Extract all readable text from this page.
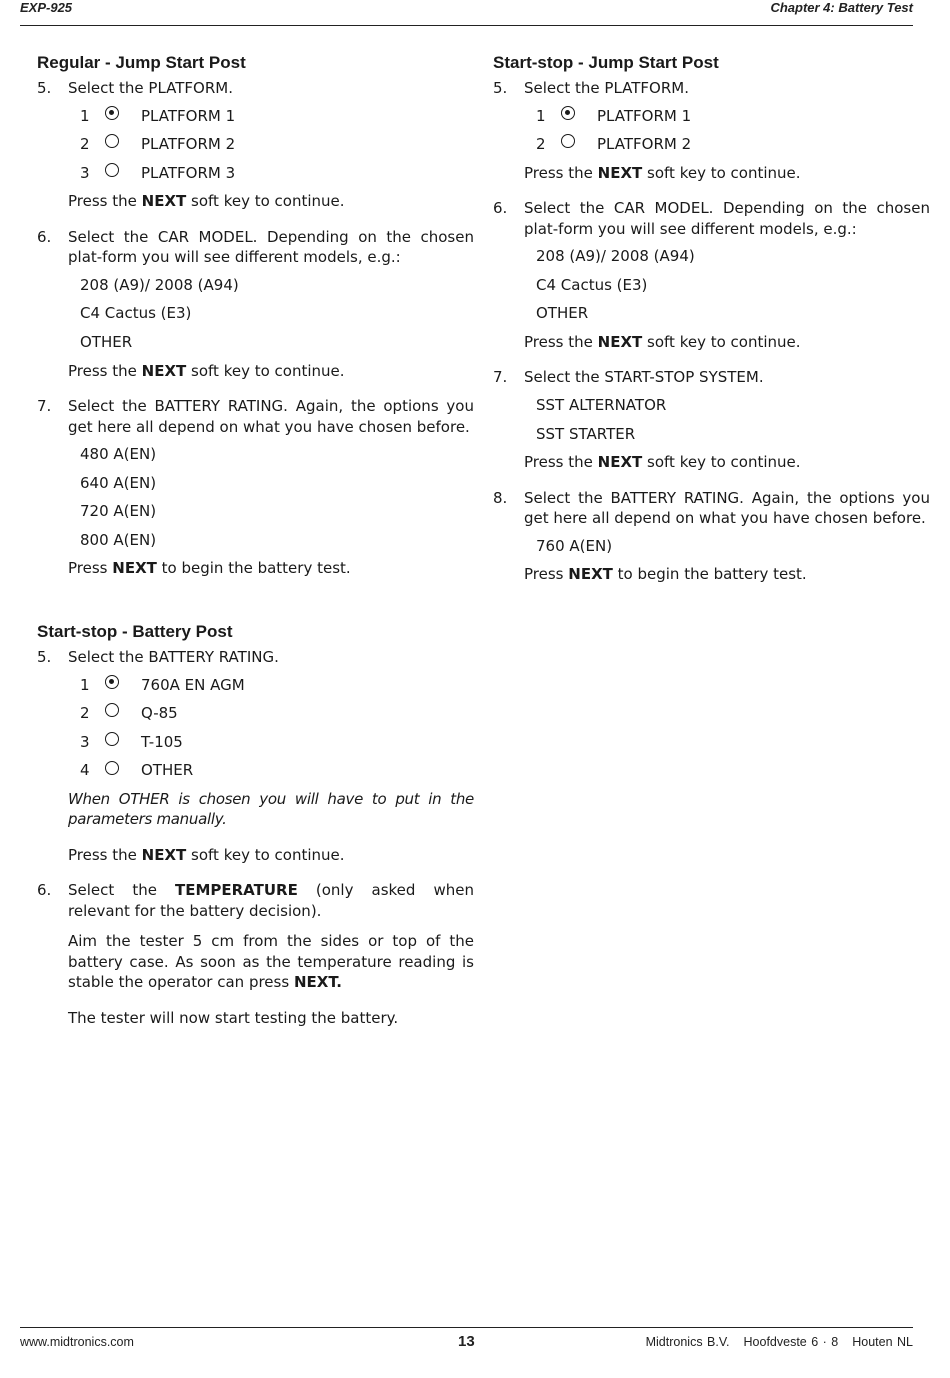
EXP-925	Chapter 4: Battery Test
Regular - Jump Start Post
5.	Select the PLATFORM.
1	PLATFORM 1
2	PLATFORM 2
3	PLATFORM 3
Press the NEXT soft key to continue.
6.	Select the CAR MODEL. Depending on the chosen plat-form you will see different models, e.g.:
208 (A9)/ 2008 (A94)
C4 Cactus (E3)
OTHER
Press the NEXT soft key to continue.
7.	Select the BATTERY RATING. Again, the options you get here all depend on what you have chosen before.
480 A(EN)
640 A(EN)
720 A(EN)
800 A(EN)
Press NEXT to begin the battery test.
Start-stop - Battery Post
5.	Select the BATTERY RATING.
1	760A EN AGM
2	Q-85
3	T-105
4	OTHER
When OTHER is chosen you will have to put in the parameters manually.
Press the NEXT soft key to continue.
6.	Select the TEMPERATURE (only asked when relevant for the battery decision).
Aim the tester 5 cm from the sides or top of the battery case. As soon as the temperature reading is stable the operator can press NEXT.
The tester will now start testing the battery.
Start-stop - Jump Start Post
5.	Select the PLATFORM.
1	PLATFORM 1
2	PLATFORM 2
Press the NEXT soft key to continue.
6.	Select the CAR MODEL. Depending on the chosen plat-form you will see different models, e.g.:
208 (A9)/ 2008 (A94)
C4 Cactus (E3)
OTHER
Press the NEXT soft key to continue.
7.	Select the START-STOP SYSTEM.
SST ALTERNATOR
SST STARTER
Press the NEXT soft key to continue.
8.	Select the BATTERY RATING. Again, the options you get here all depend on what you have chosen before.
760 A(EN)
Press NEXT to begin the battery test.
www.midtronics.com	13	Midtronics B.V. Hoofdveste 6 · 8 Houten NL
